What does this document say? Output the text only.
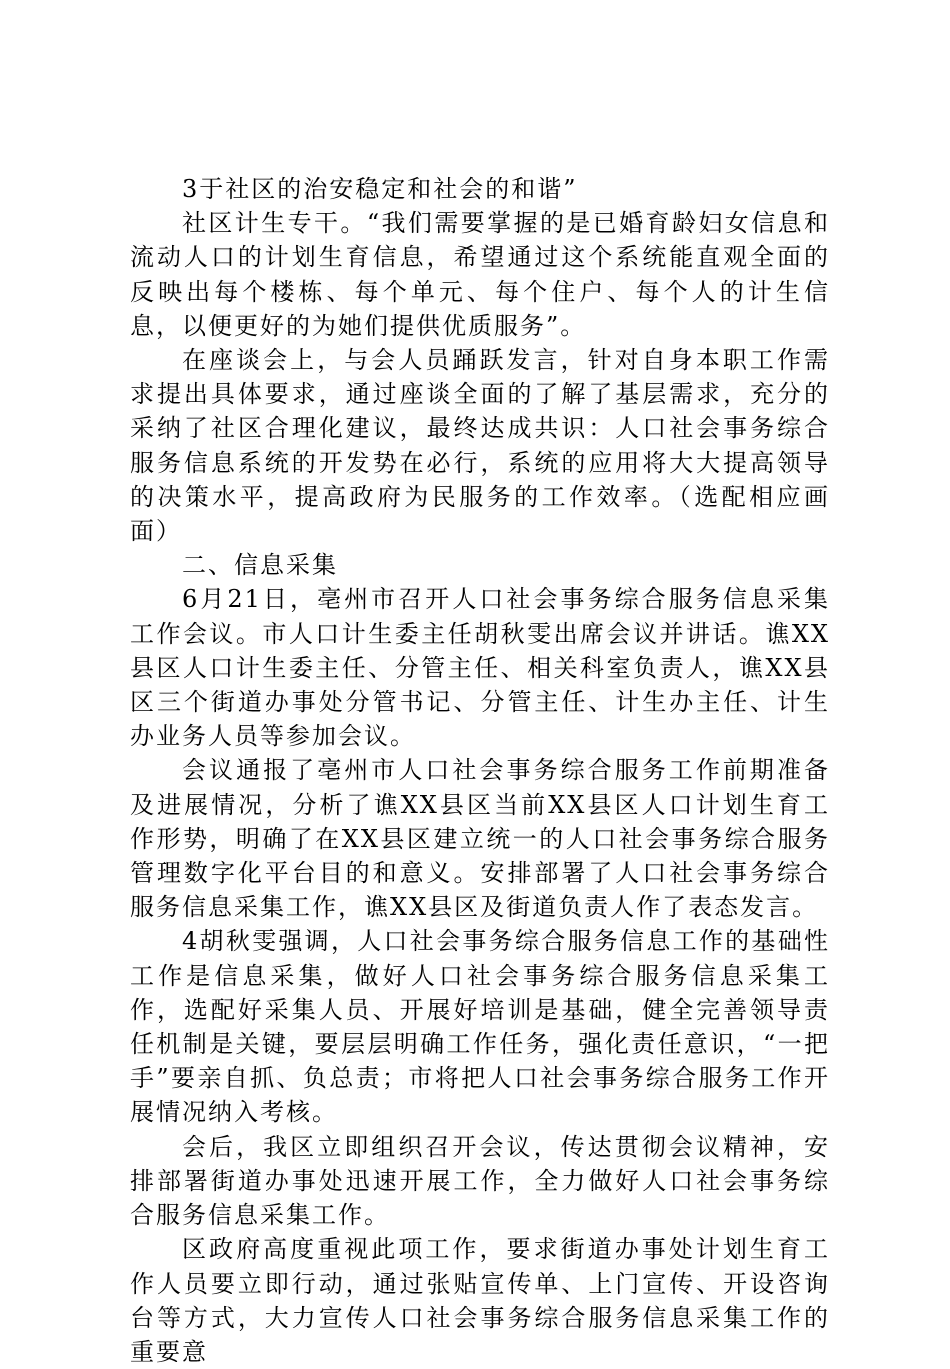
3于社区的治安稳定和社会的和谐”

社区计生专干。“我们需要掌握的是已婚育龄妇女信息和流动人口的计划生育信息，希望通过这个系统能直观全面的反映出每个楼栋、每个单元、每个住户、每个人的计生信息，以便更好的为她们提供优质服务”。

在座谈会上，与会人员踊跃发言，针对自身本职工作需求提出具体要求，通过座谈全面的了解了基层需求，充分的采纳了社区合理化建议，最终达成共识：人口社会事务综合服务信息系统的开发势在必行，系统的应用将大大提高领导的决策水平，提高政府为民服务的工作效率。（选配相应画面）

二、信息采集

6月21日，亳州市召开人口社会事务综合服务信息采集工作会议。市人口计生委主任胡秋雯出席会议并讲话。谯XX县区人口计生委主任、分管主任、相关科室负责人，谯XX县区三个街道办事处分管书记、分管主任、计生办主任、计生办业务人员等参加会议。

会议通报了亳州市人口社会事务综合服务工作前期准备及进展情况，分析了谯XX县区当前XX县区人口计划生育工作形势，明确了在XX县区建立统一的人口社会事务综合服务管理数字化平台目的和意义。安排部署了人口社会事务综合服务信息采集工作，谯XX县区及街道负责人作了表态发言。

4胡秋雯强调，人口社会事务综合服务信息工作的基础性工作是信息采集，做好人口社会事务综合服务信息采集工作，选配好采集人员、开展好培训是基础，健全完善领导责任机制是关键，要层层明确工作任务，强化责任意识，“一把手”要亲自抓、负总责；市将把人口社会事务综合服务工作开展情况纳入考核。

会后，我区立即组织召开会议，传达贯彻会议精神，安排部署街道办事处迅速开展工作，全力做好人口社会事务综合服务信息采集工作。

区政府高度重视此项工作，要求街道办事处计划生育工作人员要立即行动，通过张贴宣传单、上门宣传、开设咨询台等方式，大力宣传人口社会事务综合服务信息采集工作的重要意
